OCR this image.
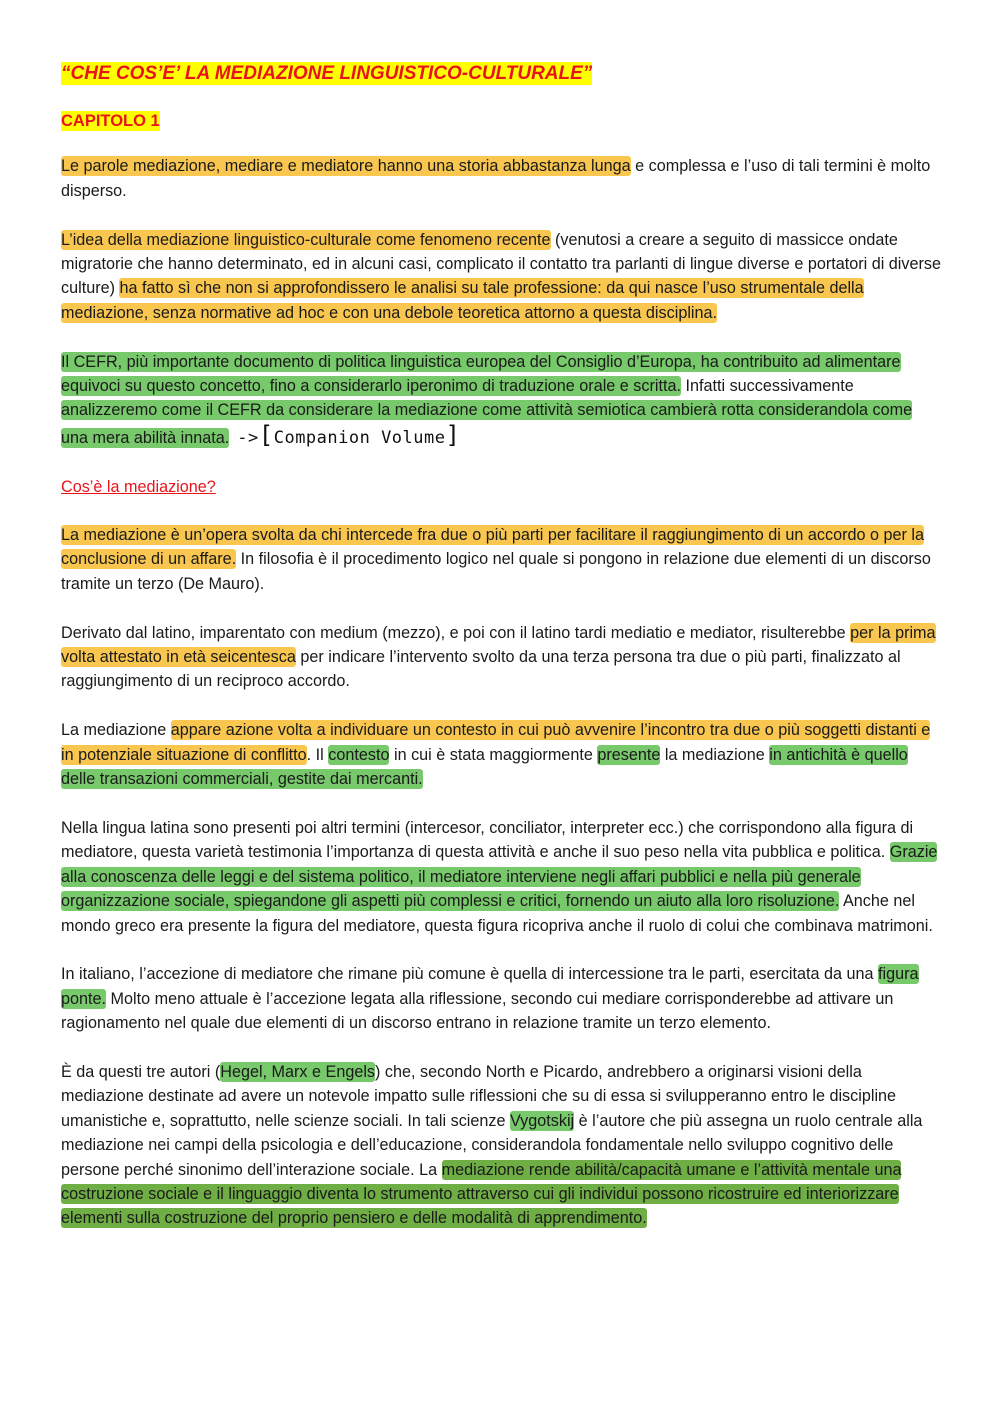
“CHE COS’E’ LA MEDIAZIONE LINGUISTICO-CULTURALE”
CAPITOLO 1

Le parole mediazione, mediare e mediatore hanno una storia abbastanza lunga e complessa e l’uso di tali termini è molto disperso.

L’idea della mediazione linguistico-culturale come fenomeno recente (venutosi a creare a seguito di massicce ondate migratorie che hanno determinato, ed in alcuni casi, complicato il contatto tra parlanti di lingue diverse e portatori di diverse culture) ha fatto sì che non si approfondissero le analisi su tale professione: da qui nasce l’uso strumentale della mediazione, senza normative ad hoc e con una debole teoretica attorno a questa disciplina.

Il CEFR, più importante documento di politica linguistica europea del Consiglio d’Europa, ha contribuito ad alimentare equivoci su questo concetto, fino a considerarlo iperonimo di traduzione orale e scritta. Infatti successivamente analizzeremo come il CEFR da considerare la mediazione come attività semiotica cambierà rotta considerandola come una mera abilità innata. ->[Companion Volume]

Cos’è la mediazione?

La mediazione è un’opera svolta da chi intercede fra due o più parti per facilitare il raggiungimento di un accordo o per la conclusione di un affare. In filosofia è il procedimento logico nel quale si pongono in relazione due elementi di un discorso tramite un terzo (De Mauro).

Derivato dal latino, imparentato con medium (mezzo), e poi con il latino tardi mediatio e mediator, risulterebbe per la prima volta attestato in età seicentesca per indicare l’intervento svolto da una terza persona tra due o più parti, finalizzato al raggiungimento di un reciproco accordo.

La mediazione appare azione volta a individuare un contesto in cui può avvenire l’incontro tra due o più soggetti distanti e in potenziale situazione di conflitto. Il contesto in cui è stata maggiormente presente la mediazione in antichità è quello delle transazioni commerciali, gestite dai mercanti.

Nella lingua latina sono presenti poi altri termini (intercesor, conciliator, interpreter ecc.) che corrispondono alla figura di mediatore, questa varietà testimonia l’importanza di questa attività e anche il suo peso nella vita pubblica e politica. Grazie alla conoscenza delle leggi e del sistema politico, il mediatore interviene negli affari pubblici e nella più generale organizzazione sociale, spiegandone gli aspetti più complessi e critici, fornendo un aiuto alla loro risoluzione. Anche nel mondo greco era presente la figura del mediatore, questa figura ricopriva anche il ruolo di colui che combinava matrimoni.

In italiano, l’accezione di mediatore che rimane più comune è quella di intercessione tra le parti, esercitata da una figura ponte. Molto meno attuale è l’accezione legata alla riflessione, secondo cui mediare corrisponderebbe ad attivare un ragionamento nel quale due elementi di un discorso entrano in relazione tramite un terzo elemento.

È da questi tre autori (Hegel, Marx e Engels) che, secondo North e Picardo, andrebbero a originarsi visioni della mediazione destinate ad avere un notevole impatto sulle riflessioni che su di essa si svilupperanno entro le discipline umanistiche e, soprattutto, nelle scienze sociali. In tali scienze Vygotskij è l’autore che più assegna un ruolo centrale alla mediazione nei campi della psicologia e dell’educazione, considerandola fondamentale nello sviluppo cognitivo delle persone perché sinonimo dell’interazione sociale. La mediazione rende abilità/capacità umane e l’attività mentale una costruzione sociale e il linguaggio diventa lo strumento attraverso cui gli individui possono ricostruire ed interiorizzare elementi sulla costruzione del proprio pensiero e delle modalità di apprendimento.
